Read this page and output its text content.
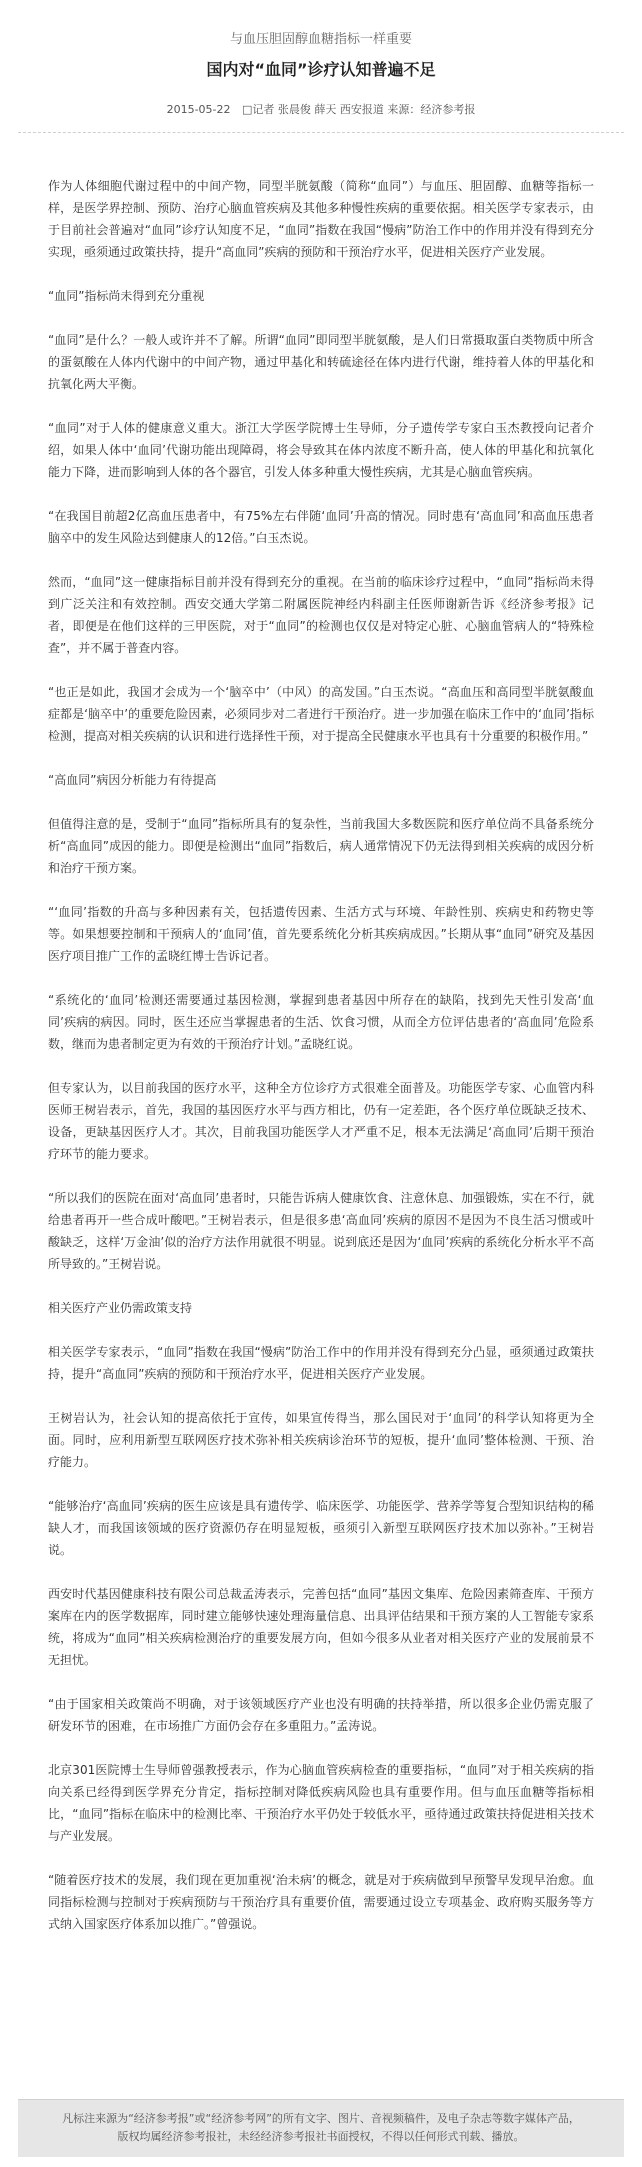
与血压胆固醇血糖指标一样重要
国内对“血同”诊疗认知普遍不足
2015-05-22 □记者 张晨俊 薛天 西安报道 来源：经济参考报

作为人体细胞代谢过程中的中间产物，同型半胱氨酸（简称“血同”）与血压、胆固醇、血糖等指标一样，是医学界控制、预防、治疗心脑血管疾病及其他多种慢性疾病的重要依据。相关医学专家表示，由于目前社会普遍对“血同”诊疗认知度不足，“血同”指数在我国“慢病”防治工作中的作用并没有得到充分实现，亟须通过政策扶持，提升“高血同”疾病的预防和干预治疗水平，促进相关医疗产业发展。

“血同”指标尚未得到充分重视

“血同”是什么？一般人或许并不了解。所谓“血同”即同型半胱氨酸，是人们日常摄取蛋白类物质中所含的蛋氨酸在人体内代谢中的中间产物，通过甲基化和转硫途径在体内进行代谢，维持着人体的甲基化和抗氧化两大平衡。

“血同”对于人体的健康意义重大。浙江大学医学院博士生导师，分子遗传学专家白玉杰教授向记者介绍，如果人体中‘血同’代谢功能出现障碍，将会导致其在体内浓度不断升高，使人体的甲基化和抗氧化能力下降，进而影响到人体的各个器官，引发人体多种重大慢性疾病，尤其是心脑血管疾病。

“在我国目前超2亿高血压患者中，有75%左右伴随‘血同’升高的情况。同时患有‘高血同’和高血压患者脑卒中的发生风险达到健康人的12倍。”白玉杰说。

然而，“血同”这一健康指标目前并没有得到充分的重视。在当前的临床诊疗过程中，“血同”指标尚未得到广泛关注和有效控制。西安交通大学第二附属医院神经内科副主任医师谢新告诉《经济参考报》记者，即便是在他们这样的三甲医院，对于“血同”的检测也仅仅是对特定心脏、心脑血管病人的“特殊检查”，并不属于普查内容。

“也正是如此，我国才会成为一个‘脑卒中’（中风）的高发国。”白玉杰说。“高血压和高同型半胱氨酸血症都是‘脑卒中’的重要危险因素，必须同步对二者进行干预治疗。进一步加强在临床工作中的‘血同’指标检测，提高对相关疾病的认识和进行选择性干预，对于提高全民健康水平也具有十分重要的积极作用。”

“高血同”病因分析能力有待提高

但值得注意的是，受制于“血同”指标所具有的复杂性，当前我国大多数医院和医疗单位尚不具备系统分析“高血同”成因的能力。即便是检测出“血同”指数后，病人通常情况下仍无法得到相关疾病的成因分析和治疗干预方案。

“‘血同’指数的升高与多种因素有关，包括遗传因素、生活方式与环境、年龄性别、疾病史和药物史等等。如果想要控制和干预病人的‘血同’值，首先要系统化分析其疾病成因。”长期从事“血同”研究及基因医疗项目推广工作的孟晓红博士告诉记者。

“系统化的‘血同’检测还需要通过基因检测，掌握到患者基因中所存在的缺陷，找到先天性引发高‘血同’疾病的病因。同时，医生还应当掌握患者的生活、饮食习惯，从而全方位评估患者的‘高血同’危险系数，继而为患者制定更为有效的干预治疗计划。”孟晓红说。

但专家认为，以目前我国的医疗水平，这种全方位诊疗方式很难全面普及。功能医学专家、心血管内科医师王树岩表示，首先，我国的基因医疗水平与西方相比，仍有一定差距，各个医疗单位既缺乏技术、设备，更缺基因医疗人才。其次，目前我国功能医学人才严重不足，根本无法满足‘高血同’后期干预治疗环节的能力要求。

“所以我们的医院在面对‘高血同’患者时，只能告诉病人健康饮食、注意休息、加强锻炼，实在不行，就给患者再开一些合成叶酸吧。”王树岩表示，但是很多患‘高血同’疾病的原因不是因为不良生活习惯或叶酸缺乏，这样‘万金油’似的治疗方法作用就很不明显。说到底还是因为‘血同’疾病的系统化分析水平不高所导致的。”王树岩说。

相关医疗产业仍需政策支持

相关医学专家表示，“血同”指数在我国“慢病”防治工作中的作用并没有得到充分凸显，亟须通过政策扶持，提升“高血同”疾病的预防和干预治疗水平，促进相关医疗产业发展。

王树岩认为，社会认知的提高依托于宣传，如果宣传得当，那么国民对于‘血同’的科学认知将更为全面。同时，应利用新型互联网医疗技术弥补相关疾病诊治环节的短板，提升‘血同’整体检测、干预、治疗能力。

“能够治疗‘高血同’疾病的医生应该是具有遗传学、临床医学、功能医学、营养学等复合型知识结构的稀缺人才，而我国该领域的医疗资源仍存在明显短板，亟须引入新型互联网医疗技术加以弥补。”王树岩说。

西安时代基因健康科技有限公司总裁孟涛表示，完善包括“血同”基因文集库、危险因素筛查库、干预方案库在内的医学数据库，同时建立能够快速处理海量信息、出具评估结果和干预方案的人工智能专家系统，将成为“血同”相关疾病检测治疗的重要发展方向，但如今很多从业者对相关医疗产业的发展前景不无担忧。

“由于国家相关政策尚不明确，对于该领域医疗产业也没有明确的扶持举措，所以很多企业仍需克服了研发环节的困难，在市场推广方面仍会存在多重阻力。”孟涛说。

北京301医院博士生导师曾强教授表示，作为心脑血管疾病检查的重要指标，“血同”对于相关疾病的指向关系已经得到医学界充分肯定，指标控制对降低疾病风险也具有重要作用。但与血压血糖等指标相比，“血同”指标在临床中的检测比率、干预治疗水平仍处于较低水平，亟待通过政策扶持促进相关技术与产业发展。

“随着医疗技术的发展，我们现在更加重视‘治未病’的概念，就是对于疾病做到早预警早发现早治愈。血同指标检测与控制对于疾病预防与干预治疗具有重要价值，需要通过设立专项基金、政府购买服务等方式纳入国家医疗体系加以推广。”曾强说。

凡标注来源为“经济参考报”或“经济参考网”的所有文字、图片、音视频稿件，及电子杂志等数字媒体产品，版权均属经济参考报社，未经经济参考报社书面授权，不得以任何形式刊载、播放。
